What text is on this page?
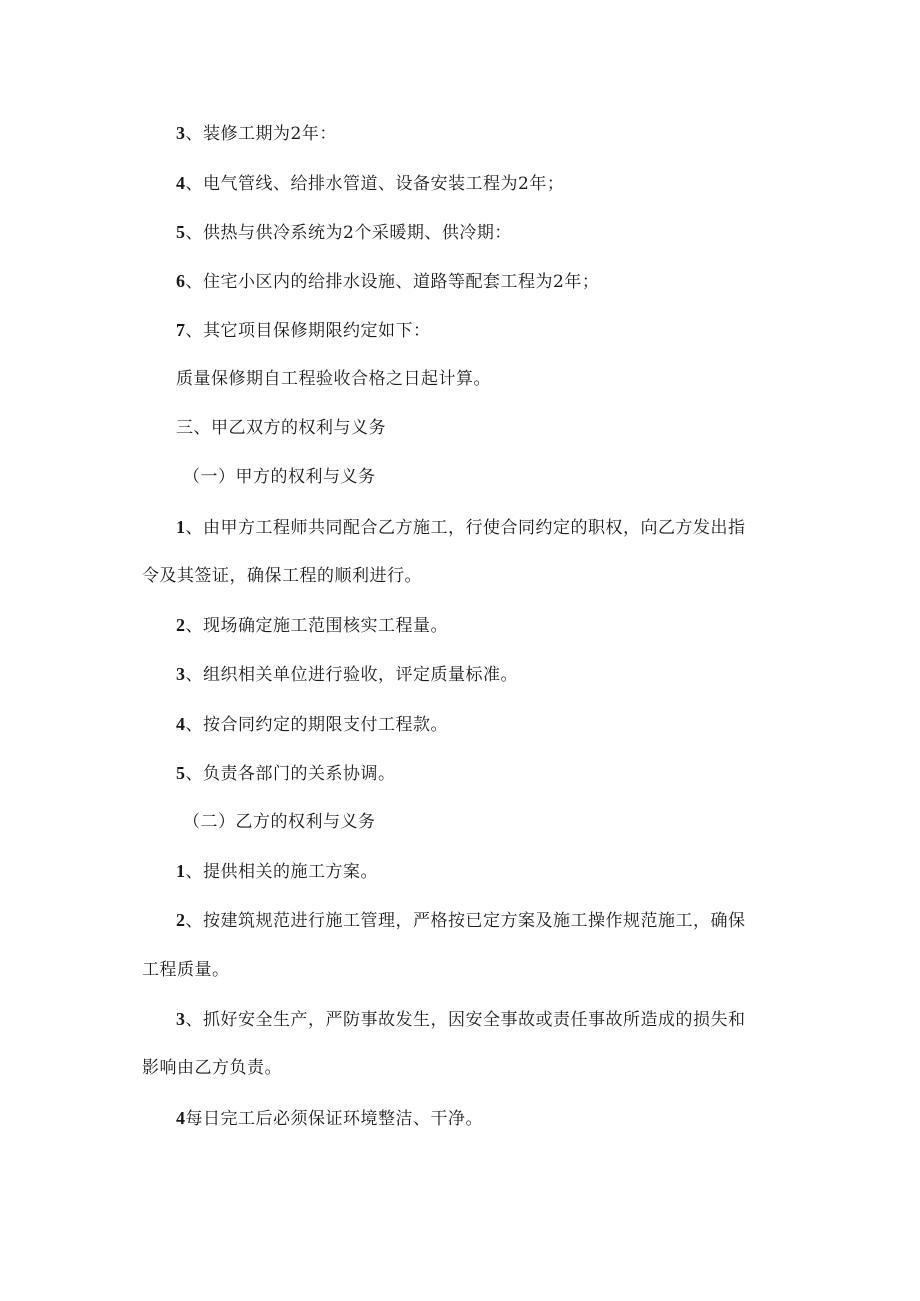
3、装修工期为2年：
4、电气管线、给排水管道、设备安装工程为2年；
5、供热与供冷系统为2个采暖期、供冷期：
6、住宅小区内的给排水设施、道路等配套工程为2年；
7、其它项目保修期限约定如下：
质量保修期自工程验收合格之日起计算。
三、甲乙双方的权利与义务
（一）甲方的权利与义务
1、由甲方工程师共同配合乙方施工，行使合同约定的职权，向乙方发出指
令及其签证，确保工程的顺利进行。
2、现场确定施工范围核实工程量。
3、组织相关单位进行验收，评定质量标准。
4、按合同约定的期限支付工程款。
5、负责各部门的关系协调。
（二）乙方的权利与义务
1、提供相关的施工方案。
2、按建筑规范进行施工管理，严格按已定方案及施工操作规范施工，确保
工程质量。
3、抓好安全生产，严防事故发生，因安全事故或责任事故所造成的损失和
影响由乙方负责。
4每日完工后必须保证环境整洁、干净。
